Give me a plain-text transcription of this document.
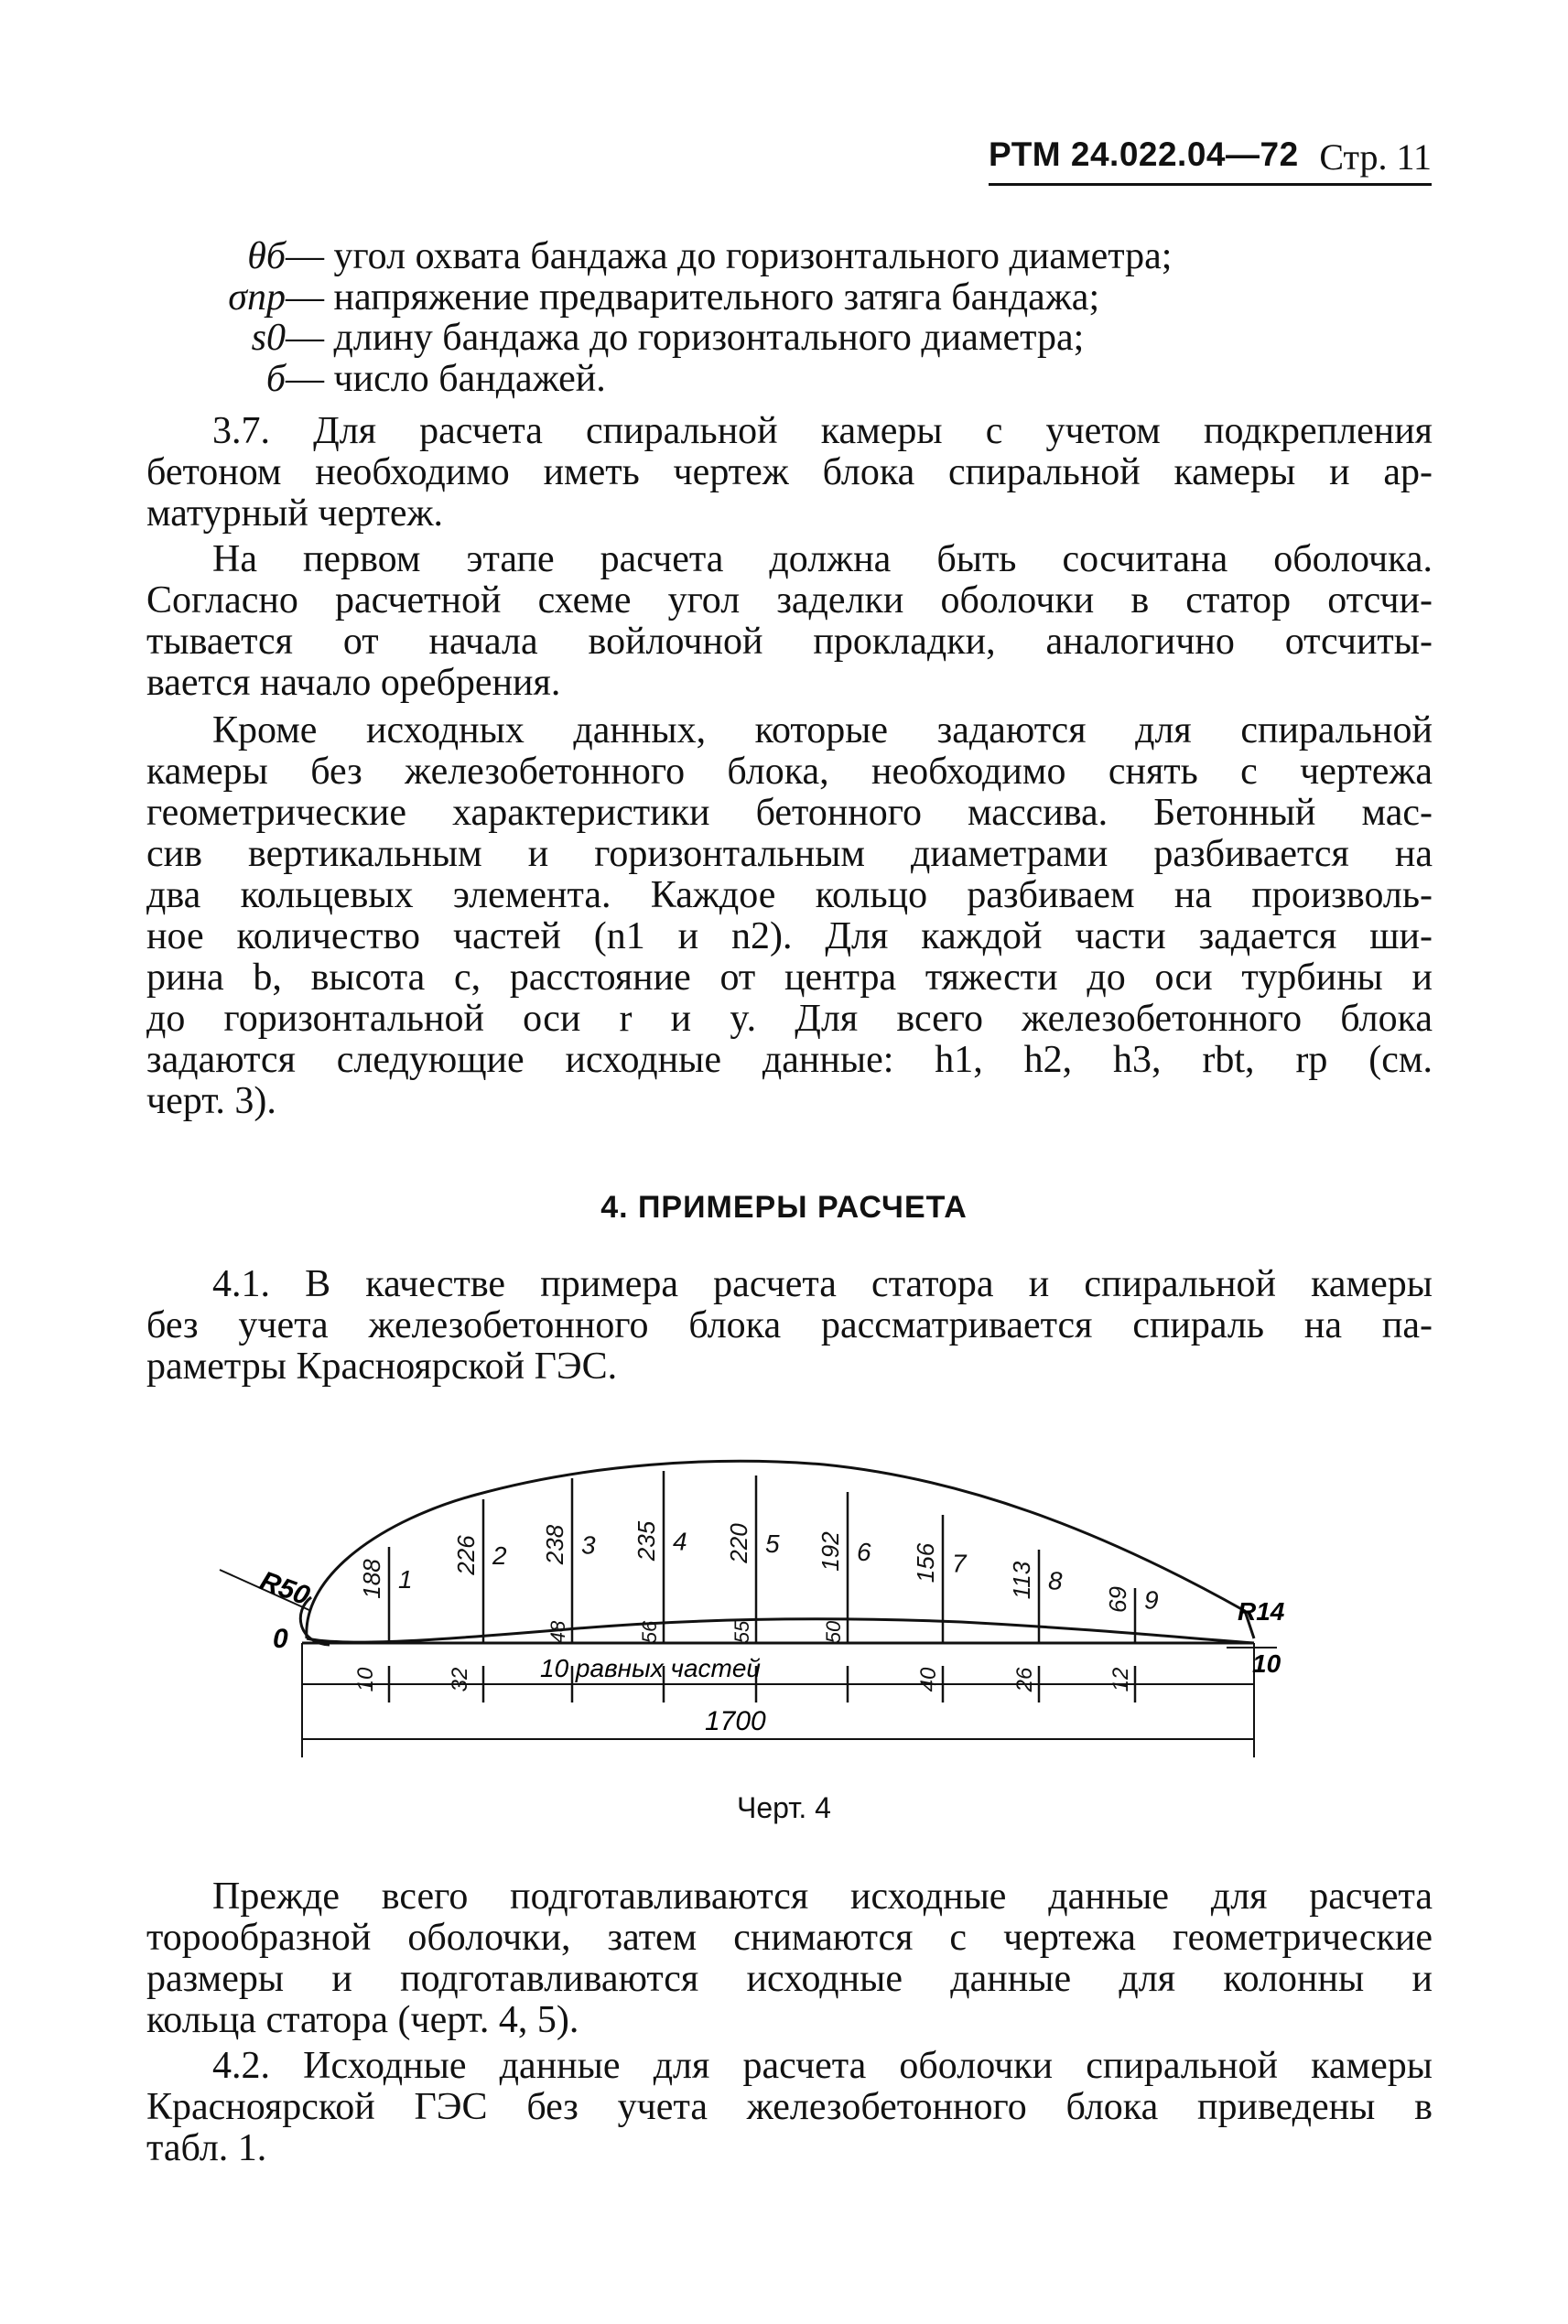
РТМ 24.022.04—72 Стр. 11
θб— угол охвата бандажа до горизонтального диаметра;
σпр— напряжение предварительного затяга бандажа;
s0— длину бандажа до горизонтального диаметра;
б— число бандажей.
3.7. Для расчета спиральной камеры с учетом подкрепления
бетоном необходимо иметь чертеж блока спиральной камеры и ар-
матурный чертеж.
На первом этапе расчета должна быть сосчитана оболочка.
Согласно расчетной схеме угол заделки оболочки в статор отсчи-
тывается от начала войлочной прокладки, аналогично отсчиты-
вается начало оребрения.
Кроме исходных данных, которые задаются для спиральной
камеры без железобетонного блока, необходимо снять с чертежа
геометрические характеристики бетонного массива. Бетонный мас-
сив вертикальным и горизонтальным диаметрами разбивается на
два кольцевых элемента. Каждое кольцо разбиваем на произволь-
ное количество частей (n1 и n2). Для каждой части задается ши-
рина b, высота c, расстояние от центра тяжести до оси турбины и
до горизонтальной оси r и y. Для всего железобетонного блока
задаются следующие исходные данные: h1, h2, h3, rbt, rp (см.
черт. 3).
4. ПРИМЕРЫ РАСЧЕТА
4.1. В качестве примера расчета статора и спиральной камеры
без учета железобетонного блока рассматривается спираль на па-
раметры Красноярской ГЭС.
188 1
226 2 238 3 235 4 220 5 192 6 156 7 113 8
69 9
48	56	55	50
10	32	40	26	12
R50
R14
0
10
10 равных частей
1700
Черт. 4
Прежде всего подготавливаются исходные данные для расчета
торообразной оболочки, затем снимаются с чертежа геометрические
размеры и подготавливаются исходные данные для колонны и
кольца статора (черт. 4, 5).
4.2. Исходные данные для расчета оболочки спиральной камеры
Красноярской ГЭС без учета железобетонного блока приведены в
табл. 1.
